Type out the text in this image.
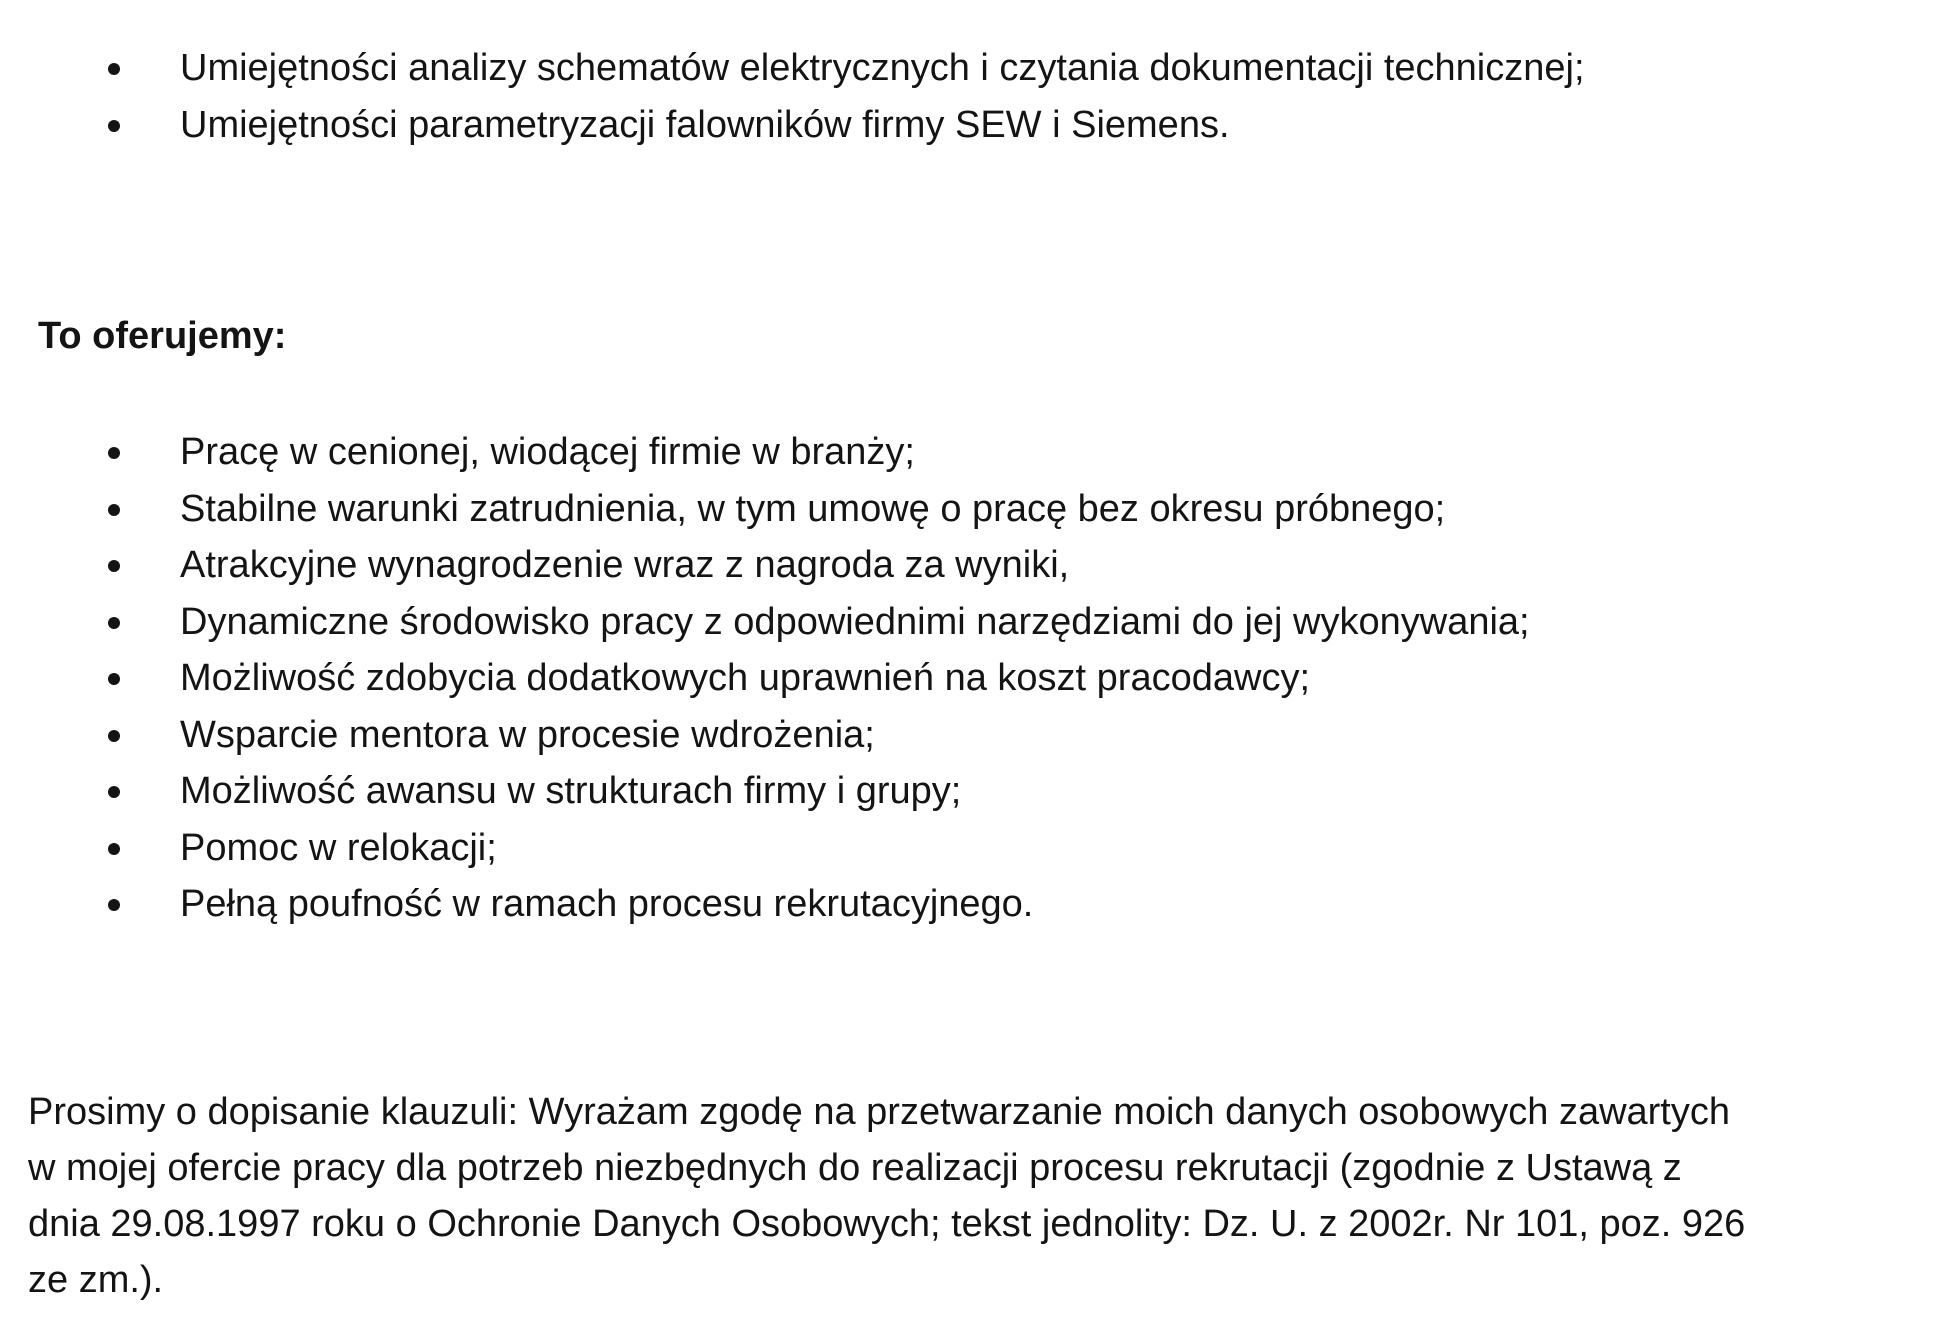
Umiejętności analizy schematów elektrycznych i czytania dokumentacji technicznej;
Umiejętności parametryzacji falowników firmy SEW i Siemens.
To oferujemy:
Pracę w cenionej, wiodącej firmie w branży;
Stabilne warunki zatrudnienia, w tym umowę o pracę bez okresu próbnego;
Atrakcyjne wynagrodzenie wraz z nagroda za wyniki,
Dynamiczne środowisko pracy z odpowiednimi narzędziami do jej wykonywania;
Możliwość zdobycia dodatkowych uprawnień na koszt pracodawcy;
Wsparcie mentora w procesie wdrożenia;
Możliwość awansu w strukturach firmy i grupy;
Pomoc w relokacji;
Pełną poufność w ramach procesu rekrutacyjnego.

Prosimy o dopisanie klauzuli: Wyrażam zgodę na przetwarzanie moich danych osobowych zawartych
w mojej ofercie pracy dla potrzeb niezbędnych do realizacji procesu rekrutacji (zgodnie z Ustawą z
dnia 29.08.1997 roku o Ochronie Danych Osobowych; tekst jednolity: Dz. U. z 2002r. Nr 101, poz. 926
ze zm.).
